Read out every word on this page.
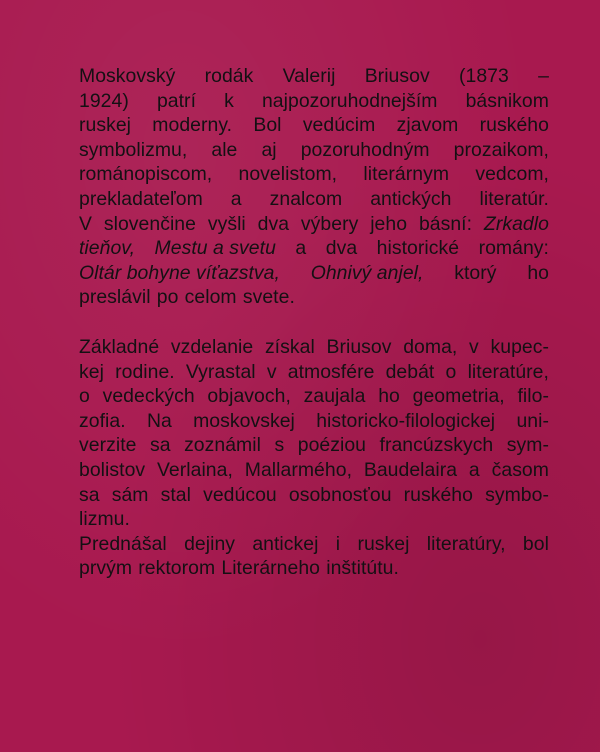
Moskovský rodák Valerij Briusov (1873 –
1924) patrí k najpozoruhodnejším básnikom
ruskej moderny. Bol vedúcim zjavom ruského
symbolizmu, ale aj pozoruhodným prozaikom,
románopiscom, novelistom, literárnym vedcom,
prekladateľom a znalcom antických literatúr.
V slovenčine vyšli dva výbery jeho básní: Zrkadlo
tieňov, Mestu a svetu a dva historické romány:
Oltár bohyne víťazstva, Ohnivý anjel, ktorý ho
preslávil po celom svete.
Základné vzdelanie získal Briusov doma, v kupec-
kej rodine. Vyrastal v atmosfére debát o literatúre,
o vedeckých objavoch, zaujala ho geometria, filo-
zofia. Na moskovskej historicko-filologickej uni-
verzite sa zoznámil s poéziou francúzskych sym-
bolistov Verlaina, Mallarmého, Baudelaira a časom
sa sám stal vedúcou osobnosťou ruského symbo-
lizmu.
Prednášal dejiny antickej i ruskej literatúry, bol
prvým rektorom Literárneho inštitútu.
